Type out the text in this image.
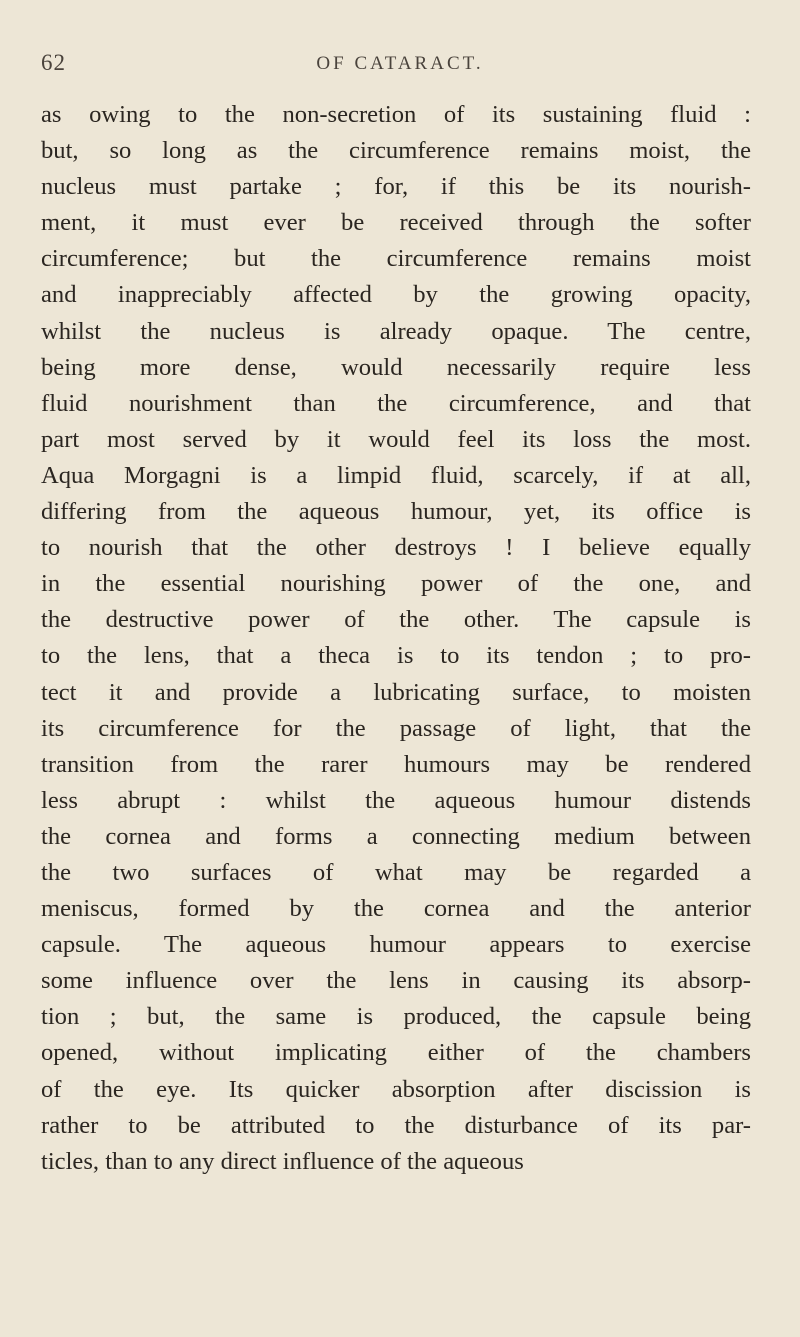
62	OF CATARACT.
as owing to the non-secretion of its sustaining fluid :
but, so long as the circumference remains moist, the
nucleus must partake ; for, if this be its nourish-
ment, it must ever be received through the softer
circumference; but the circumference remains moist
and inappreciably affected by the growing opacity,
whilst the nucleus is already opaque. The centre,
being more dense, would necessarily require less
fluid nourishment than the circumference, and that
part most served by it would feel its loss the most.
Aqua Morgagni is a limpid fluid, scarcely, if at all,
differing from the aqueous humour, yet, its office is
to nourish that the other destroys ! I believe equally
in the essential nourishing power of the one, and
the destructive power of the other. The capsule is
to the lens, that a theca is to its tendon ; to pro-
tect it and provide a lubricating surface, to moisten
its circumference for the passage of light, that the
transition from the rarer humours may be rendered
less abrupt : whilst the aqueous humour distends
the cornea and forms a connecting medium between
the two surfaces of what may be regarded a
meniscus, formed by the cornea and the anterior
capsule. The aqueous humour appears to exercise
some influence over the lens in causing its absorp-
tion ; but, the same is produced, the capsule being
opened, without implicating either of the chambers
of the eye. Its quicker absorption after discission is
rather to be attributed to the disturbance of its par-
ticles, than to any direct influence of the aqueous
